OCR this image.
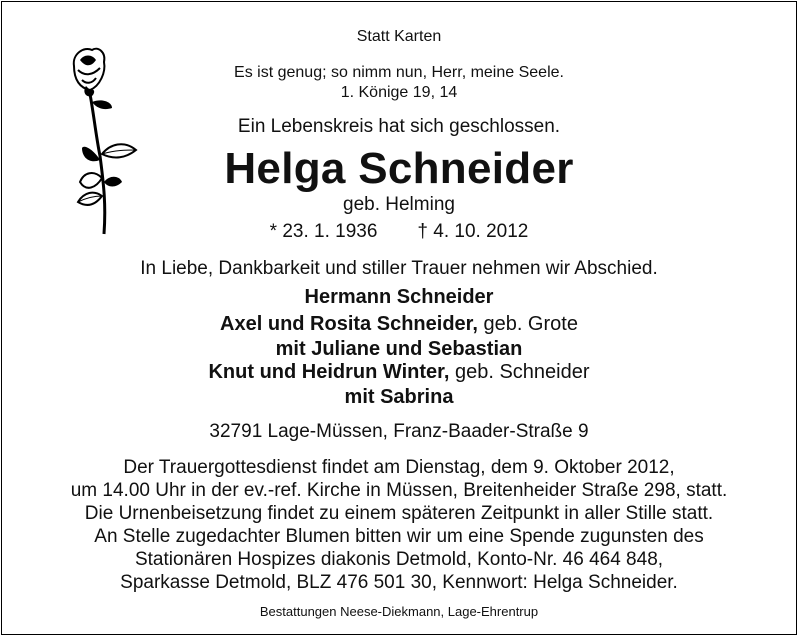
Statt Karten
Es ist genug; so nimm nun, Herr, meine Seele.
1. Könige 19, 14
Ein Lebenskreis hat sich geschlossen.
Helga Schneider
geb. Helming
* 23. 1. 1936 † 4. 10. 2012
In Liebe, Dankbarkeit und stiller Trauer nehmen wir Abschied.
Hermann Schneider
Axel und Rosita Schneider, geb. Grote
mit Juliane und Sebastian
Knut und Heidrun Winter, geb. Schneider
mit Sabrina
32791 Lage-Müssen, Franz-Baader-Straße 9
Der Trauergottesdienst findet am Dienstag, dem 9. Oktober 2012,
um 14.00 Uhr in der ev.-ref. Kirche in Müssen, Breitenheider Straße 298, statt.
Die Urnenbeisetzung findet zu einem späteren Zeitpunkt in aller Stille statt.
An Stelle zugedachter Blumen bitten wir um eine Spende zugunsten des
Stationären Hospizes diakonis Detmold, Konto-Nr. 46 464 848,
Sparkasse Detmold, BLZ 476 501 30, Kennwort: Helga Schneider.
Bestattungen Neese-Diekmann, Lage-Ehrentrup
